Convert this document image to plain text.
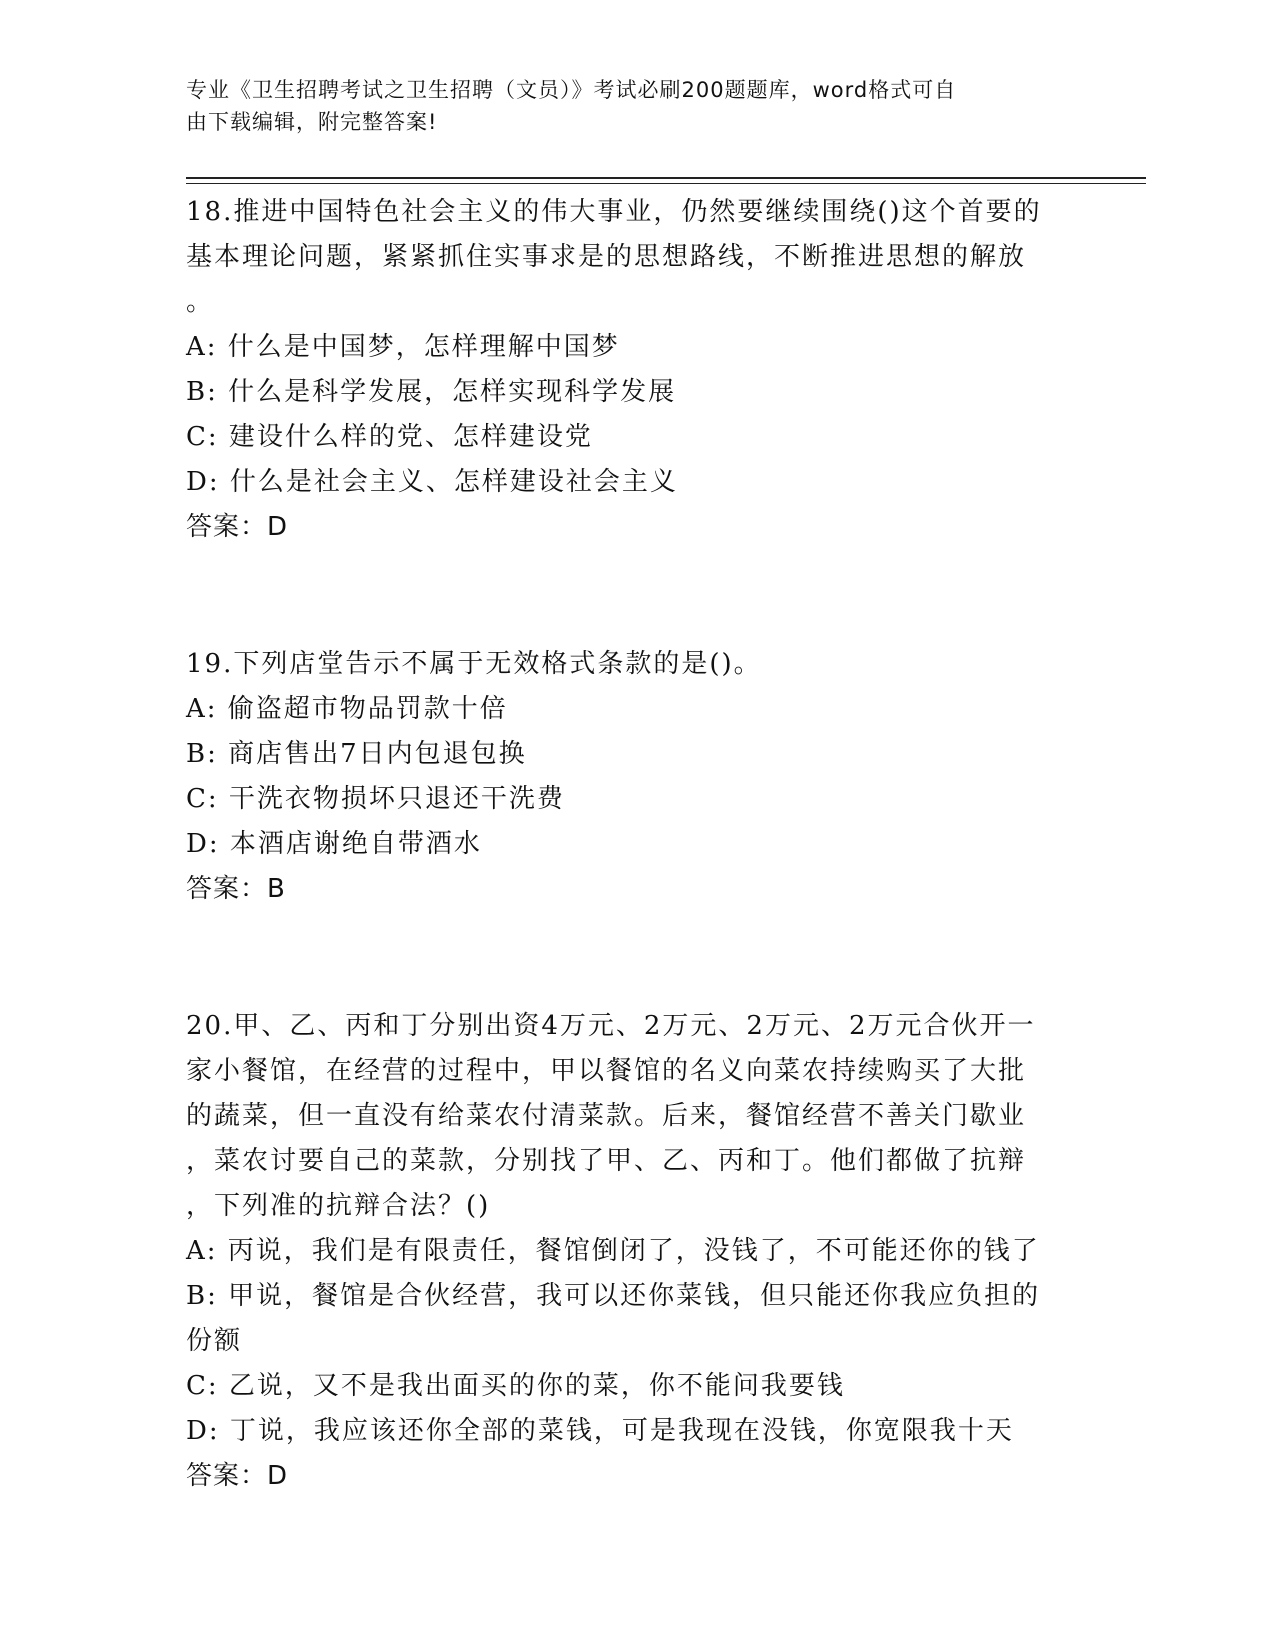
专业《卫生招聘考试之卫生招聘（文员）》考试必刷200题题库，word格式可自

由下载编辑，附完整答案!

18.推进中国特色社会主义的伟大事业，仍然要继续围绕()这个首要的

基本理论问题，紧紧抓住实事求是的思想路线，不断推进思想的解放

。

A: 什么是中国梦，怎样理解中国梦

B: 什么是科学发展，怎样实现科学发展

C: 建设什么样的党、怎样建设党

D: 什么是社会主义、怎样建设社会主义

答案：D

19.下列店堂告示不属于无效格式条款的是()。

A: 偷盗超市物品罚款十倍

B: 商店售出7日内包退包换

C: 干洗衣物损坏只退还干洗费

D: 本酒店谢绝自带酒水

答案：B

20.甲、乙、丙和丁分别出资4万元、2万元、2万元、2万元合伙开一

家小餐馆，在经营的过程中，甲以餐馆的名义向菜农持续购买了大批

的蔬菜，但一直没有给菜农付清菜款。后来，餐馆经营不善关门歇业

，菜农讨要自己的菜款，分别找了甲、乙、丙和丁。他们都做了抗辩

，下列准的抗辩合法？()

A: 丙说，我们是有限责任，餐馆倒闭了，没钱了，不可能还你的钱了

B: 甲说，餐馆是合伙经营，我可以还你菜钱，但只能还你我应负担的

份额

C: 乙说，又不是我出面买的你的菜，你不能问我要钱

D: 丁说，我应该还你全部的菜钱，可是我现在没钱，你宽限我十天

答案：D
